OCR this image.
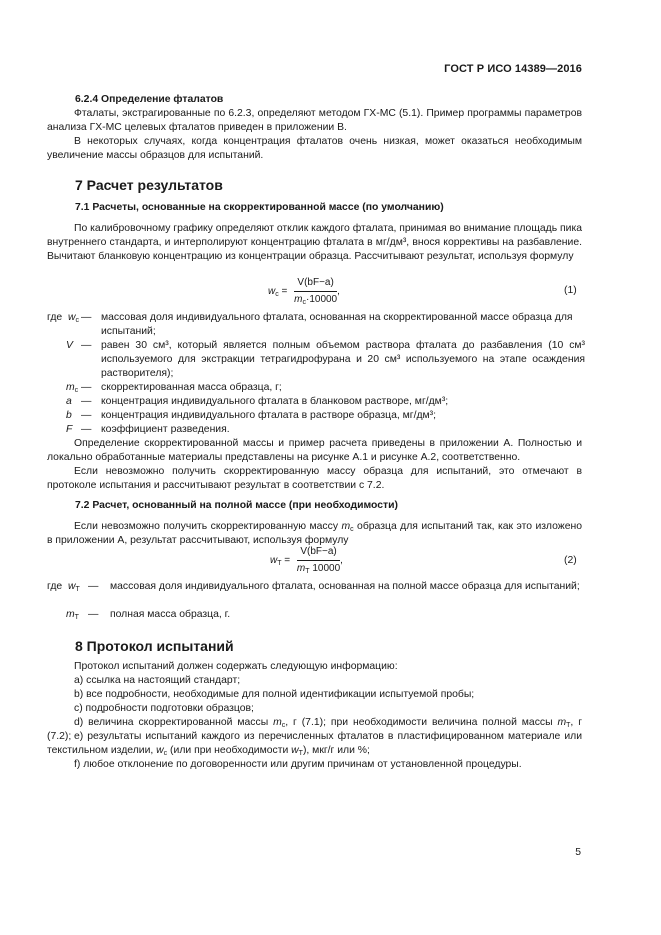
ГОСТ Р ИСО 14389—2016
6.2.4 Определение фталатов
Фталаты, экстрагированные по 6.2.3, определяют методом ГХ-МС (5.1). Пример программы параметров анализа ГХ-МС целевых фталатов приведен в приложении В.
В некоторых случаях, когда концентрация фталатов очень низкая, может оказаться необходимым увеличение массы образцов для испытаний.
7 Расчет результатов
7.1 Расчеты, основанные на скорректированной массе (по умолчанию)
По калибровочному графику определяют отклик каждого фталата, принимая во внимание площадь пика внутреннего стандарта, и интерполируют концентрацию фталата в мг/дм³, внося коррективы на разбавление. Вычитают бланковую концентрацию из концентрации образца. Рассчитывают результат, используя формулу
$w_c = \frac{V(bF-a)}{m_c\cdot 10000}$ ,	(1)
где $w_c$ — массовая доля индивидуального фталата, основанная на скорректированной массе образца для испытаний;
V — равен 30 см³, который является полным объемом раствора фталата до разбавления (10 см³ используемого для экстракции тетрагидрофурана и 20 см³ используемого на этапе осаждения растворителя);
$m_c$ — скорректированная масса образца, г;
a — концентрация индивидуального фталата в бланковом растворе, мг/дм³;
b — концентрация индивидуального фталата в растворе образца, мг/дм³;
F — коэффициент разведения.
Определение скорректированной массы и пример расчета приведены в приложении А. Полностью и локально обработанные материалы представлены на рисунке А.1 и рисунке А.2, соответственно.
Если невозможно получить скорректированную массу образца для испытаний, это отмечают в протоколе испытания и рассчитывают результат в соответствии с 7.2.
7.2 Расчет, основанный на полной массе (при необходимости)
Если невозможно получить скорректированную массу $m_c$ образца для испытаний так, как это изложено в приложении А, результат рассчитывают, используя формулу
$w_T = \frac{V(bF-a)}{m_T 10000}$ ,	(2)
где $w_T$ — массовая доля индивидуального фталата, основанная на полной массе образца для испытаний;
$m_T$ — полная масса образца, г.
8 Протокол испытаний
Протокол испытаний должен содержать следующую информацию:
a) ссылка на настоящий стандарт;
b) все подробности, необходимые для полной идентификации испытуемой пробы;
c) подробности подготовки образцов;
d) величина скорректированной массы $m_c$, г (7.1); при необходимости величина полной массы $m_T$, г (7.2); e) результаты испытаний каждого из перечисленных фталатов в пластифицированном материале или текстильном изделии, $w_c$ (или при необходимости $w_T$), мкг/г или %;
f) любое отклонение по договоренности или другим причинам от установленной процедуры.
5
